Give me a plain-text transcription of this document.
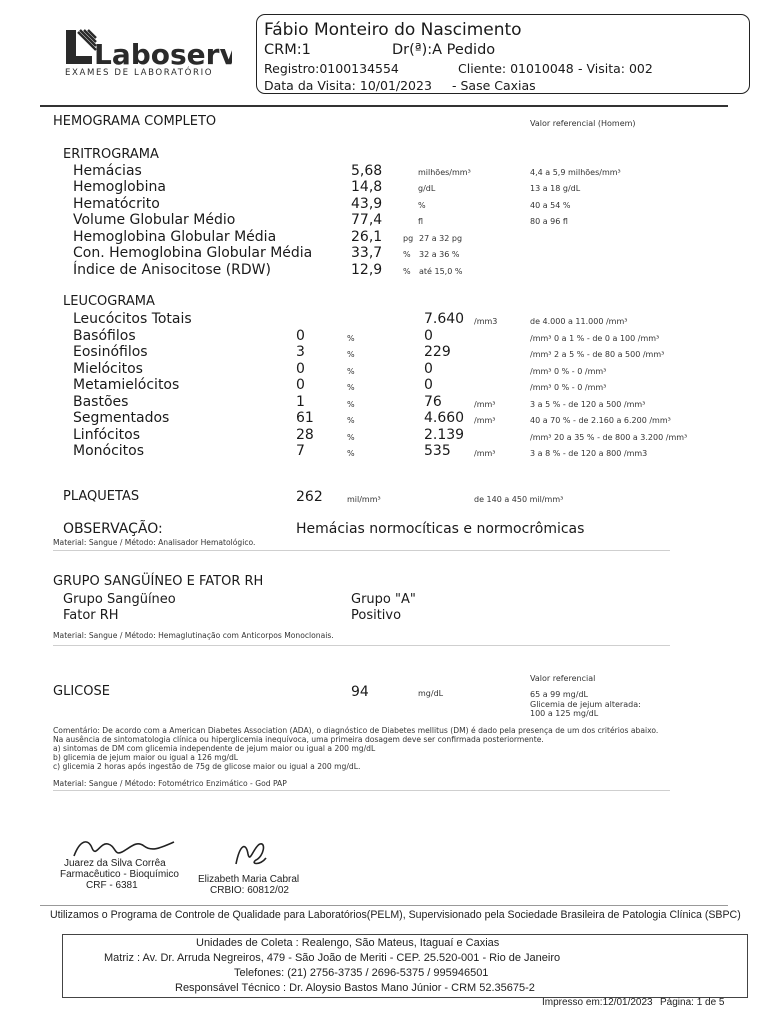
Laboserv
EXAMES DE LABORATÓRIO
Fábio Monteiro do Nascimento
CRM:1	Dr(ª):A Pedido
Registro:0100134554	Cliente: 01010048 - Visita: 002
Data da Visita: 10/01/2023 - Sase Caxias
HEMOGRAMA COMPLETO	Valor referencial (Homem)
ERITROGRAMA
Hemácias	5,68	milhões/mm³	4,4 a 5,9 milhões/mm³
Hemoglobina	14,8	g/dL	13 a 18 g/dL
Hematócrito	43,9	%	40 a 54 %
Volume Globular Médio	77,4	fl	80 a 96 fl
Hemoglobina Globular Média	26,1	pg 27 a 32 pg
Con. Hemoglobina Globular Média	33,7	% 32 a 36 %
Índice de Anisocitose (RDW)	12,9	% até 15,0 %
LEUCOGRAMA
Leucócitos Totais	7.640 /mm3	de 4.000 a 11.000 /mm³
Basófilos	0	%	0	/mm³ 0 a 1 % - de 0 a 100 /mm³
Eosinófilos	3	%	229	/mm³ 2 a 5 % - de 80 a 500 /mm³
Mielócitos	0	%	0	/mm³ 0 % - 0 /mm³
Metamielócitos	0	%	0	/mm³ 0 % - 0 /mm³
Bastões	1	%	76	/mm³	3 a 5 % - de 120 a 500 /mm³
Segmentados	61	%	4.660 /mm³	40 a 70 % - de 2.160 a 6.200 /mm³
Linfócitos	28	%	2.139	/mm³ 20 a 35 % - de 800 a 3.200 /mm³
Monócitos	7	%	535	/mm³	3 a 8 % - de 120 a 800 /mm3
PLAQUETAS	262	mil/mm³	de 140 a 450 mil/mm³
OBSERVAÇÃO:	Hemácias normocíticas e normocrômicas
Material: Sangue / Método: Analisador Hematológico.
GRUPO SANGÜÍNEO E FATOR RH
Grupo Sangüíneo	Grupo "A"
Fator RH	Positivo
Material: Sangue / Método: Hemaglutinação com Anticorpos Monoclonais.
Valor referencial
GLICOSE	94	mg/dL	65 a 99 mg/dL
Glicemia de jejum alterada:
100 a 125 mg/dL
Comentário: De acordo com a American Diabetes Association (ADA), o diagnóstico de Diabetes mellitus (DM) é dado pela presença de um dos critérios abaixo.
Na ausência de sintomatologia clínica ou hiperglicemia inequívoca, uma primeira dosagem deve ser confirmada posteriormente.
a) sintomas de DM com glicemia independente de jejum maior ou igual a 200 mg/dL
b) glicemia de jejum maior ou igual a 126 mg/dL
c) glicemia 2 horas após ingestão de 75g de glicose maior ou igual a 200 mg/dL.
Material: Sangue / Método: Fotométrico Enzimático - God PAP
Juarez da Silva Corrêa
Farmacêutico - Bioquímico
CRF - 6381
Elizabeth Maria Cabral
CRBIO: 60812/02
Utilizamos o Programa de Controle de Qualidade para Laboratórios(PELM), Supervisionado pela Sociedade Brasileira de Patologia Clínica (SBPC)
Unidades de Coleta : Realengo, São Mateus, Itaguaí e Caxias
Matriz : Av. Dr. Arruda Negreiros, 479 - São João de Meriti - CEP. 25.520-001 - Rio de Janeiro
Telefones: (21) 2756-3735 / 2696-5375 / 995946501
Responsável Técnico : Dr. Aloysio Bastos Mano Júnior - CRM 52.35675-2
Impresso em:12/01/2023 Página: 1 de 5
